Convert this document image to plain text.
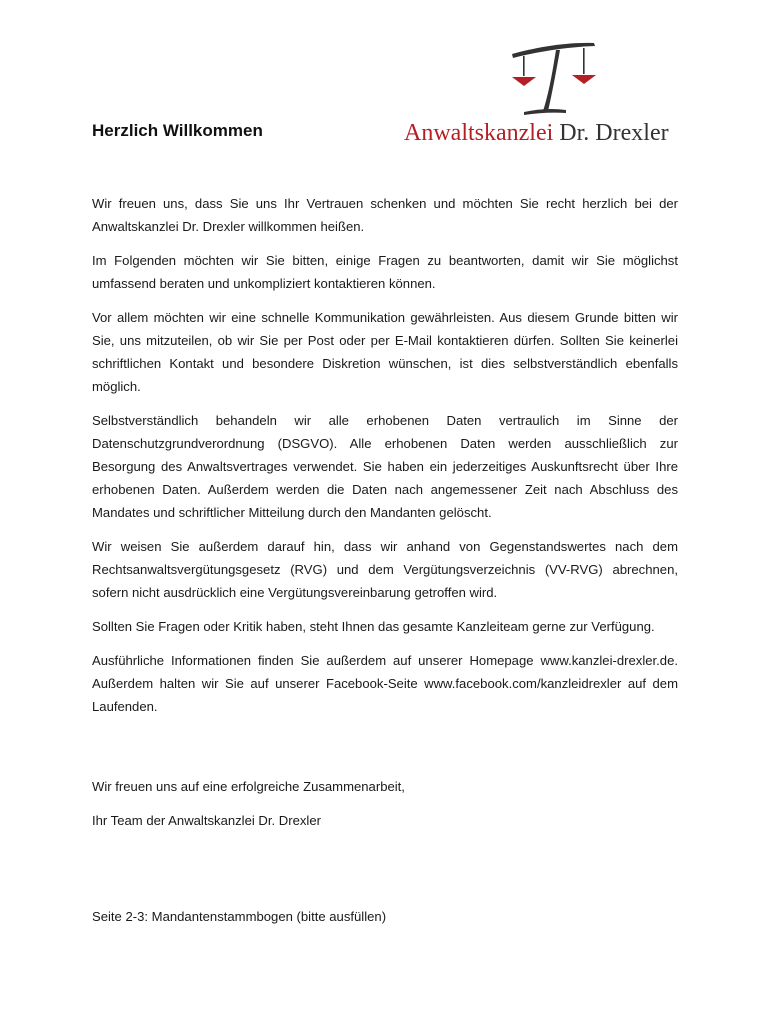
Anwaltskanzlei Dr. Drexler
Herzlich Willkommen

Wir freuen uns, dass Sie uns Ihr Vertrauen schenken und möchten Sie recht herzlich bei der Anwaltskanzlei Dr. Drexler willkommen heißen.

Im Folgenden möchten wir Sie bitten, einige Fragen zu beantworten, damit wir Sie möglichst umfassend beraten und unkompliziert kontaktieren können.

Vor allem möchten wir eine schnelle Kommunikation gewährleisten. Aus diesem Grunde bitten wir Sie, uns mitzuteilen, ob wir Sie per Post oder per E-Mail kontaktieren dürfen. Sollten Sie keinerlei schriftlichen Kontakt und besondere Diskretion wünschen, ist dies selbstverständlich ebenfalls möglich.

Selbstverständlich behandeln wir alle erhobenen Daten vertraulich im Sinne der Datenschutzgrundverordnung (DSGVO). Alle erhobenen Daten werden ausschließlich zur Besorgung des Anwaltsvertrages verwendet. Sie haben ein jederzeitiges Auskunftsrecht über Ihre erhobenen Daten. Außerdem werden die Daten nach angemessener Zeit nach Abschluss des Mandates und schriftlicher Mitteilung durch den Mandanten gelöscht.

Wir weisen Sie außerdem darauf hin, dass wir anhand von Gegenstandswertes nach dem Rechtsanwaltsvergütungsgesetz (RVG) und dem Vergütungsverzeichnis (VV-RVG) abrechnen, sofern nicht ausdrücklich eine Vergütungsvereinbarung getroffen wird.

Sollten Sie Fragen oder Kritik haben, steht Ihnen das gesamte Kanzleiteam gerne zur Verfügung.

Ausführliche Informationen finden Sie außerdem auf unserer Homepage www.kanzlei-drexler.de. Außerdem halten wir Sie auf unserer Facebook-Seite www.facebook.com/kanzleidrexler auf dem Laufenden.

Wir freuen uns auf eine erfolgreiche Zusammenarbeit,

Ihr Team der Anwaltskanzlei Dr. Drexler

Seite 2-3: Mandantenstammbogen (bitte ausfüllen)
